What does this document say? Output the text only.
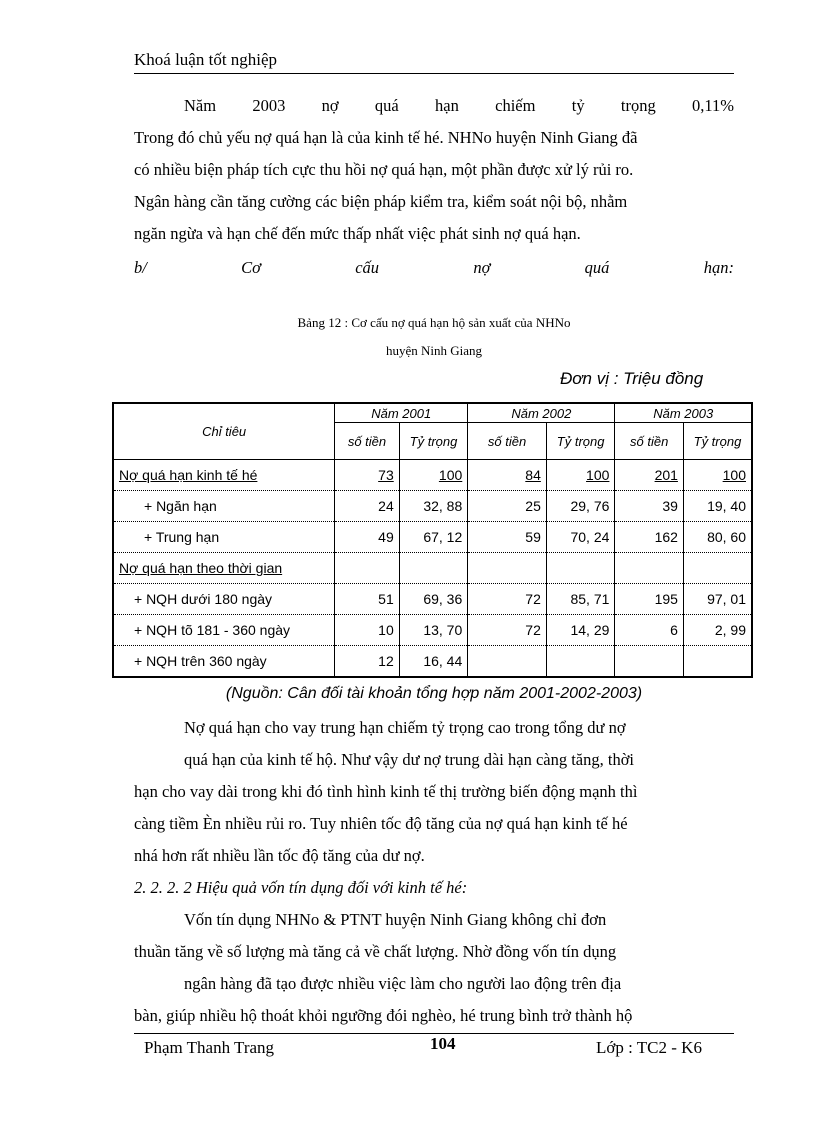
Khoá luận tốt nghiệp
Năm 2003 nợ quá hạn chiếm tỷ trọng 0,11%
Trong đó chủ yếu nợ quá hạn là của kinh tế hé. NHNo huyện Ninh Giang đã
có nhiều biện pháp tích cực thu hồi nợ quá hạn, một phần được xử lý rủi ro.
Ngân hàng cần tăng cường các biện pháp kiểm tra, kiểm soát nội bộ, nhằm
ngăn ngừa và hạn chế đến mức thấp nhất việc phát sinh nợ quá hạn.
b/	Cơ	cấu	nợ	quá	hạn:
Bảng 12 : Cơ cấu nợ quá hạn hộ sản xuất của NHNo
huyện Ninh Giang
Đơn vị : Triệu đồng
Chỉ tiêu	Năm 2001		Năm 2002		Năm 2003	
	số tiền	Tỷ trọng	số tiền	Tỷ trọng	số tiền	Tỷ trọng
Nợ quá hạn kinh tế hé	73	100	84	100	201	100
+ Ngăn hạn	24	32, 88	25	29, 76	39	19, 40
+ Trung hạn	49	67, 12	59	70, 24	162	80, 60
Nợ quá hạn theo thời gian						
+ NQH dưới 180 ngày	51	69, 36	72	85, 71	195	97, 01
+ NQH tõ 181 - 360 ngày	10	13, 70	72	14, 29	6	2, 99
+ NQH trên 360 ngày	12	16, 44				
(Nguồn: Cân đối tài khoản tổng hợp năm 2001-2002-2003)
Nợ quá hạn cho vay trung hạn chiếm tỷ trọng cao trong tổng dư nợ
quá hạn của kinh tế hộ. Như vậy dư nợ trung dài hạn càng tăng, thời
hạn cho vay dài trong khi đó tình hình kinh tế thị trường biến động mạnh thì
càng tiềm Èn nhiều rủi ro. Tuy nhiên tốc độ tăng của nợ quá hạn kinh tế hé
nhá hơn rất nhiều lần tốc độ tăng của dư nợ.
2. 2. 2. 2 Hiệu quả vốn tín dụng đối với kinh tế hé:
Vốn tín dụng NHNo & PTNT huyện Ninh Giang không chỉ đơn
thuần tăng về số lượng mà tăng cả về chất lượng. Nhờ đồng vốn tín dụng
ngân hàng đã tạo được nhiều việc làm cho người lao động trên địa
bàn, giúp nhiều hộ thoát khỏi ngưỡng đói nghèo, hé trung bình trở thành hộ
Phạm Thanh Trang	104	Lớp : TC2 - K6
